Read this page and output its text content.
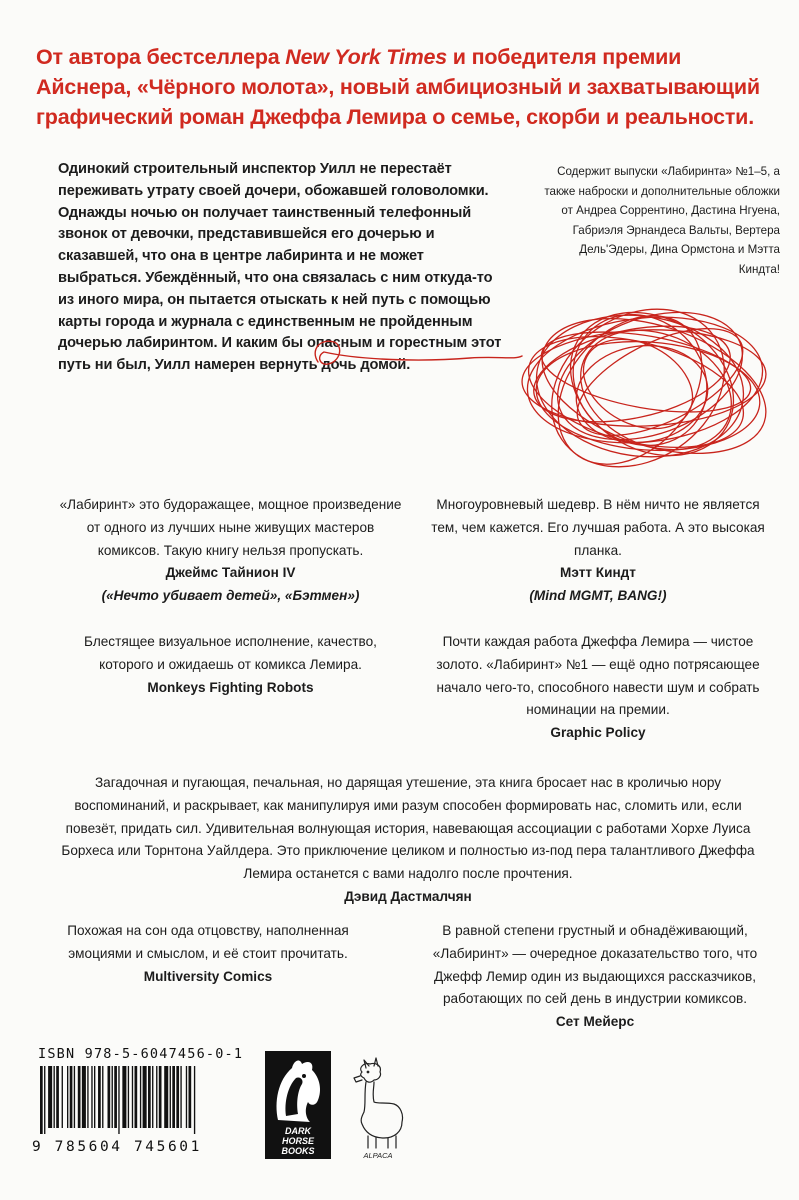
От автора бестселлера New York Times и победителя премии Айснера, «Чёрного молота», новый амбициозный и захватывающий графический роман Джеффа Лемира о семье, скорби и реальности.
Одинокий строительный инспектор Уилл не перестаёт переживать утрату своей дочери, обожавшей головоломки. Однажды ночью он получает таинственный телефонный звонок от девочки, представившейся его дочерью и сказавшей, что она в центре лабиринта и не может выбраться. Убеждённый, что она связалась с ним откуда-то из иного мира, он пытается отыскать к ней путь с помощью карты города и журнала с единственным не пройденным дочерью лабиринтом. И каким бы опасным и горестным этот путь ни был, Уилл намерен вернуть дочь домой.
Содержит выпуски «Лабиринта» №1–5, а также наброски и дополнительные обложки от Андреа Соррентино, Дастина Нгуена, Габриэля Эрнандеса Вальты, Вертера Дель'Эдеры, Дина Ормстона и Мэтта Киндта!
«Лабиринт» это будоражащее, мощное произведение от одного из лучших ныне живущих мастеров комиксов. Такую книгу нельзя пропускать.
Джеймс Тайнион IV
(«Нечто убивает детей», «Бэтмен»)
Многоуровневый шедевр. В нём ничто не является тем, чем кажется. Его лучшая работа. А это высокая планка.
Мэтт Киндт
(Mind MGMT, BANG!)
Блестящее визуальное исполнение, качество, которого и ожидаешь от комикса Лемира.
Monkeys Fighting Robots
Почти каждая работа Джеффа Лемира — чистое золото. «Лабиринт» №1 — ещё одно потрясающее начало чего-то, способного навести шум и собрать номинации на премии.
Graphic Policy
Загадочная и пугающая, печальная, но дарящая утешение, эта книга бросает нас в кроличью нору воспоминаний, и раскрывает, как манипулируя ими разум способен формировать нас, сломить или, если повезёт, придать сил. Удивительная волнующая история, навевающая ассоциации с работами Хорхе Луиса Борхеса или Торнтона Уайлдера. Это приключение целиком и полностью из-под пера талантливого Джеффа Лемира останется с вами надолго после прочтения.
Дэвид Дастмалчян
Похожая на сон ода отцовству, наполненная эмоциями и смыслом, и её стоит прочитать.
Multiversity Comics
В равной степени грустный и обнадёживающий, «Лабиринт» — очередное доказательство того, что Джефф Лемир один из выдающихся рассказчиков, работающих по сей день в индустрии комиксов.
Сет Мейерс
ISBN 978-5-6047456-0-1
9 785604 745601
DARK
HORSE
BOOKS	ALPACA
